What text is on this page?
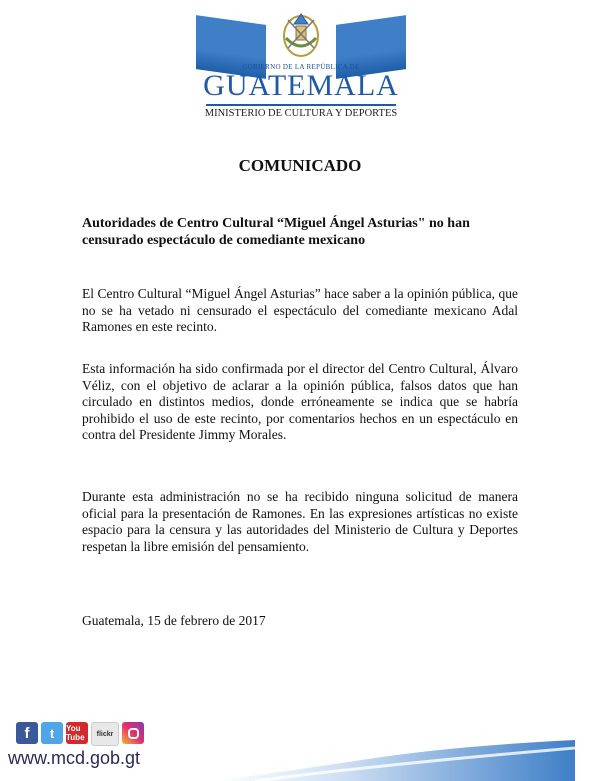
GOBIERNO DE LA REPÚBLICA DE
GUATEMALA
MINISTERIO DE CULTURA Y DEPORTES
COMUNICADO
Autoridades de Centro Cultural “Miguel Ángel Asturias" no han censurado espectáculo de comediante mexicano
El Centro Cultural “Miguel Ángel Asturias” hace saber a la opinión pública, que no se ha vetado ni censurado el espectáculo del comediante mexicano Adal Ramones en este recinto.
Esta información ha sido confirmada por el director del Centro Cultural, Álvaro Véliz, con el objetivo de aclarar a la opinión pública, falsos datos que han circulado en distintos medios, donde erróneamente se indica que se habría prohibido el uso de este recinto, por comentarios hechos en un espectáculo en contra del Presidente Jimmy Morales.
Durante esta administración no se ha recibido ninguna solicitud de manera oficial para la presentación de Ramones. En las expresiones artísticas no existe espacio para la censura y las autoridades del Ministerio de Cultura y Deportes respetan la libre emisión del pensamiento.
Guatemala, 15 de febrero de 2017
f t You Tube	flickr
www.mcd.gob.gt
